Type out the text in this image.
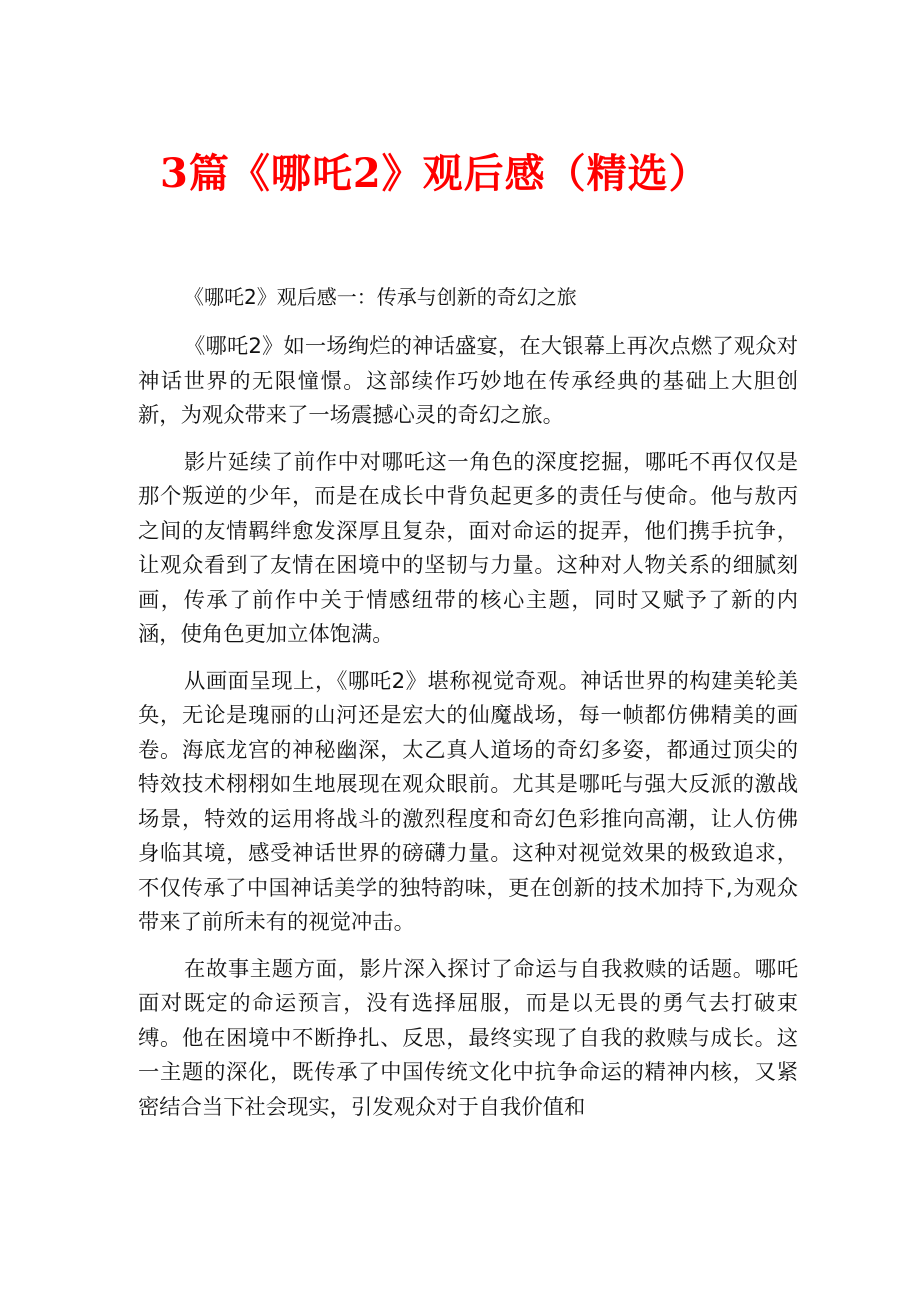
3篇《哪吒2》观后感（精选）

《哪吒2》观后感一：传承与创新的奇幻之旅

《哪吒2》如一场绚烂的神话盛宴，在大银幕上再次点燃了观众对神话世界的无限憧憬。这部续作巧妙地在传承经典的基础上大胆创新，为观众带来了一场震撼心灵的奇幻之旅。

影片延续了前作中对哪吒这一角色的深度挖掘，哪吒不再仅仅是那个叛逆的少年，而是在成长中背负起更多的责任与使命。他与敖丙之间的友情羁绊愈发深厚且复杂，面对命运的捉弄，他们携手抗争，让观众看到了友情在困境中的坚韧与力量。这种对人物关系的细腻刻画，传承了前作中关于情感纽带的核心主题，同时又赋予了新的内涵，使角色更加立体饱满。

从画面呈现上，《哪吒2》堪称视觉奇观。神话世界的构建美轮美奂，无论是瑰丽的山河还是宏大的仙魔战场，每一帧都仿佛精美的画卷。海底龙宫的神秘幽深，太乙真人道场的奇幻多姿，都通过顶尖的特效技术栩栩如生地展现在观众眼前。尤其是哪吒与强大反派的激战场景，特效的运用将战斗的激烈程度和奇幻色彩推向高潮，让人仿佛身临其境，感受神话世界的磅礴力量。这种对视觉效果的极致追求，不仅传承了中国神话美学的独特韵味，更在创新的技术加持下,为观众带来了前所未有的视觉冲击。

在故事主题方面，影片深入探讨了命运与自我救赎的话题。哪吒面对既定的命运预言，没有选择屈服，而是以无畏的勇气去打破束缚。他在困境中不断挣扎、反思，最终实现了自我的救赎与成长。这一主题的深化，既传承了中国传统文化中抗争命运的精神内核，又紧密结合当下社会现实，引发观众对于自我价值和
